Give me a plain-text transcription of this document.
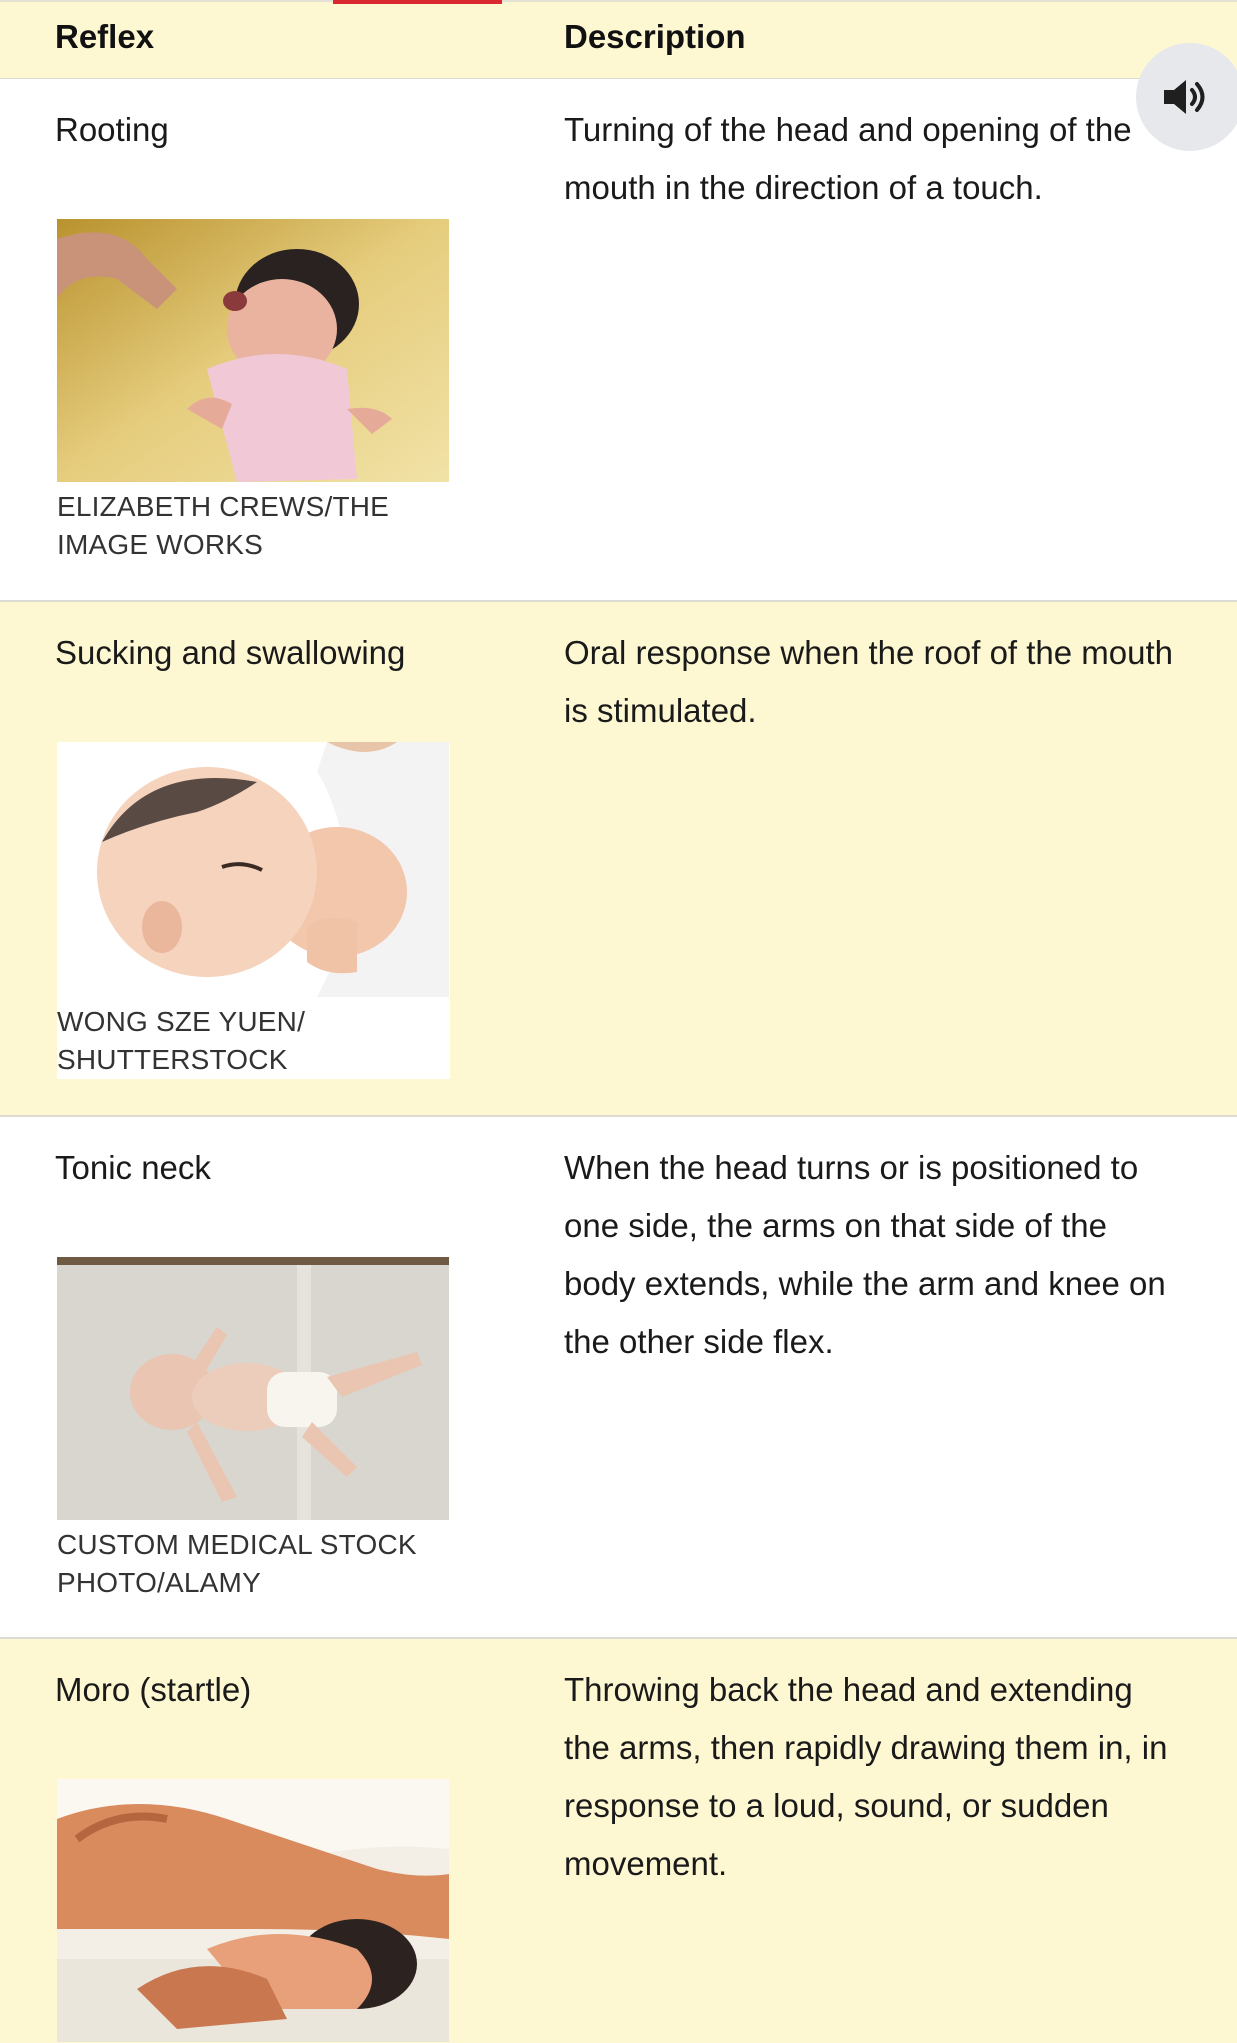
Reflex	Description
Rooting	Turning of the head and opening of the mouth in the direction of a touch.
ELIZABETH CREWS/THE IMAGE WORKS
Sucking and swallowing	Oral response when the roof of the mouth is stimulated.
WONG SZE YUEN/ SHUTTERSTOCK
Tonic neck	When the head turns or is positioned to one side, the arms on that side of the body extends, while the arm and knee on the other side flex.
CUSTOM MEDICAL STOCK PHOTO/ALAMY
Moro (startle)	Throwing back the head and extending the arms, then rapidly drawing them in, in response to a loud, sound, or sudden movement.
